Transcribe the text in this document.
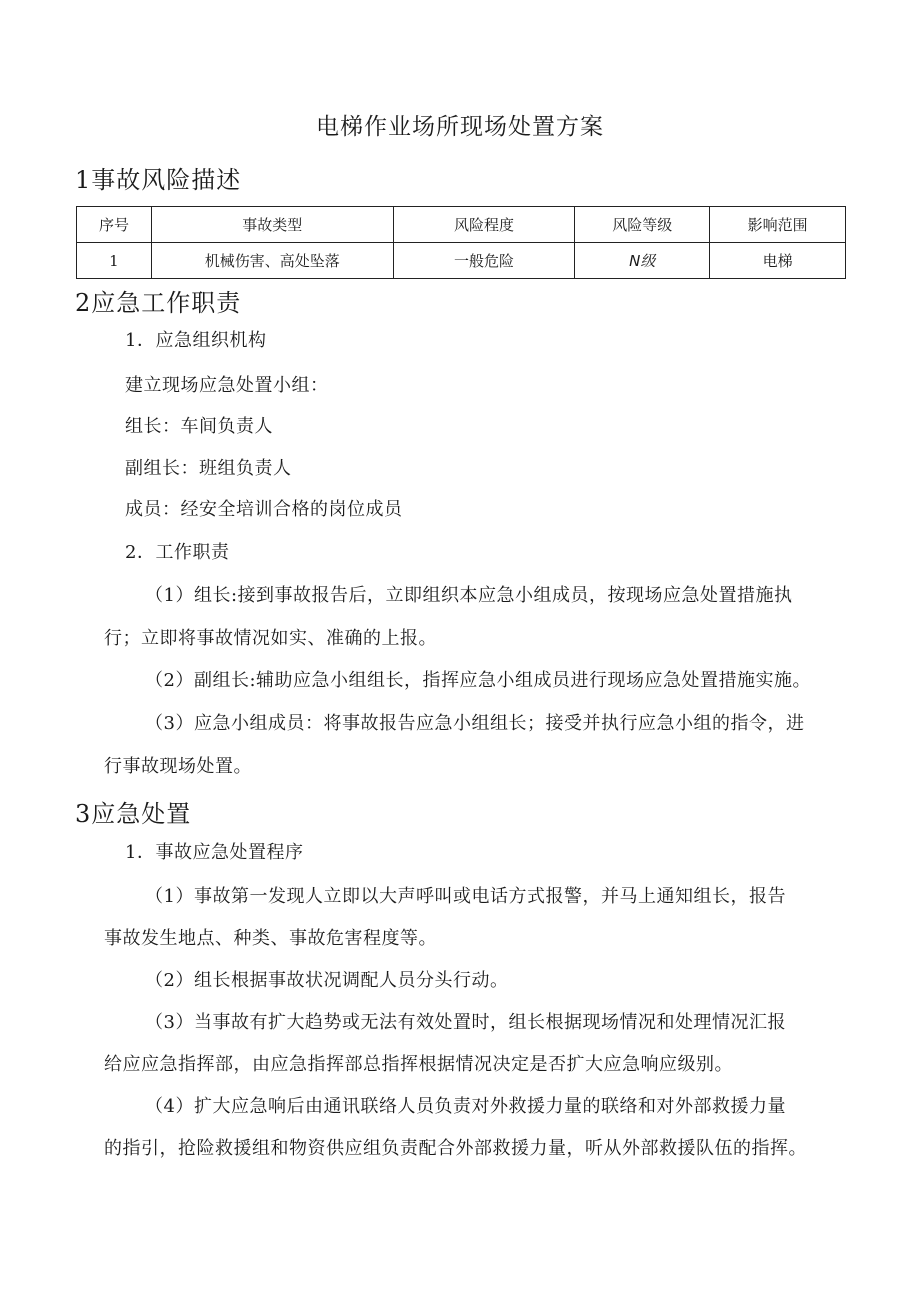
电梯作业场所现场处置方案
1事故风险描述
序号	事故类型	风险程度	风险等级	影响范围
1	机械伤害、高处坠落	一般危险	N级	电梯
2应急工作职责
1．应急组织机构
建立现场应急处置小组：
组长：车间负责人
副组长：班组负责人
成员：经安全培训合格的岗位成员
2．工作职责
（1）组长:接到事故报告后，立即组织本应急小组成员，按现场应急处置措施执
行；立即将事故情况如实、准确的上报。
（2）副组长:辅助应急小组组长，指挥应急小组成员进行现场应急处置措施实施。
（3）应急小组成员：将事故报告应急小组组长；接受并执行应急小组的指令，进
行事故现场处置。
3应急处置
1．事故应急处置程序
（1）事故第一发现人立即以大声呼叫或电话方式报警，并马上通知组长，报告
事故发生地点、种类、事故危害程度等。
（2）组长根据事故状况调配人员分头行动。
（3）当事故有扩大趋势或无法有效处置时，组长根据现场情况和处理情况汇报
给应应急指挥部，由应急指挥部总指挥根据情况决定是否扩大应急响应级别。
（4）扩大应急响后由通讯联络人员负责对外救援力量的联络和对外部救援力量
的指引，抢险救援组和物资供应组负责配合外部救援力量，听从外部救援队伍的指挥。
